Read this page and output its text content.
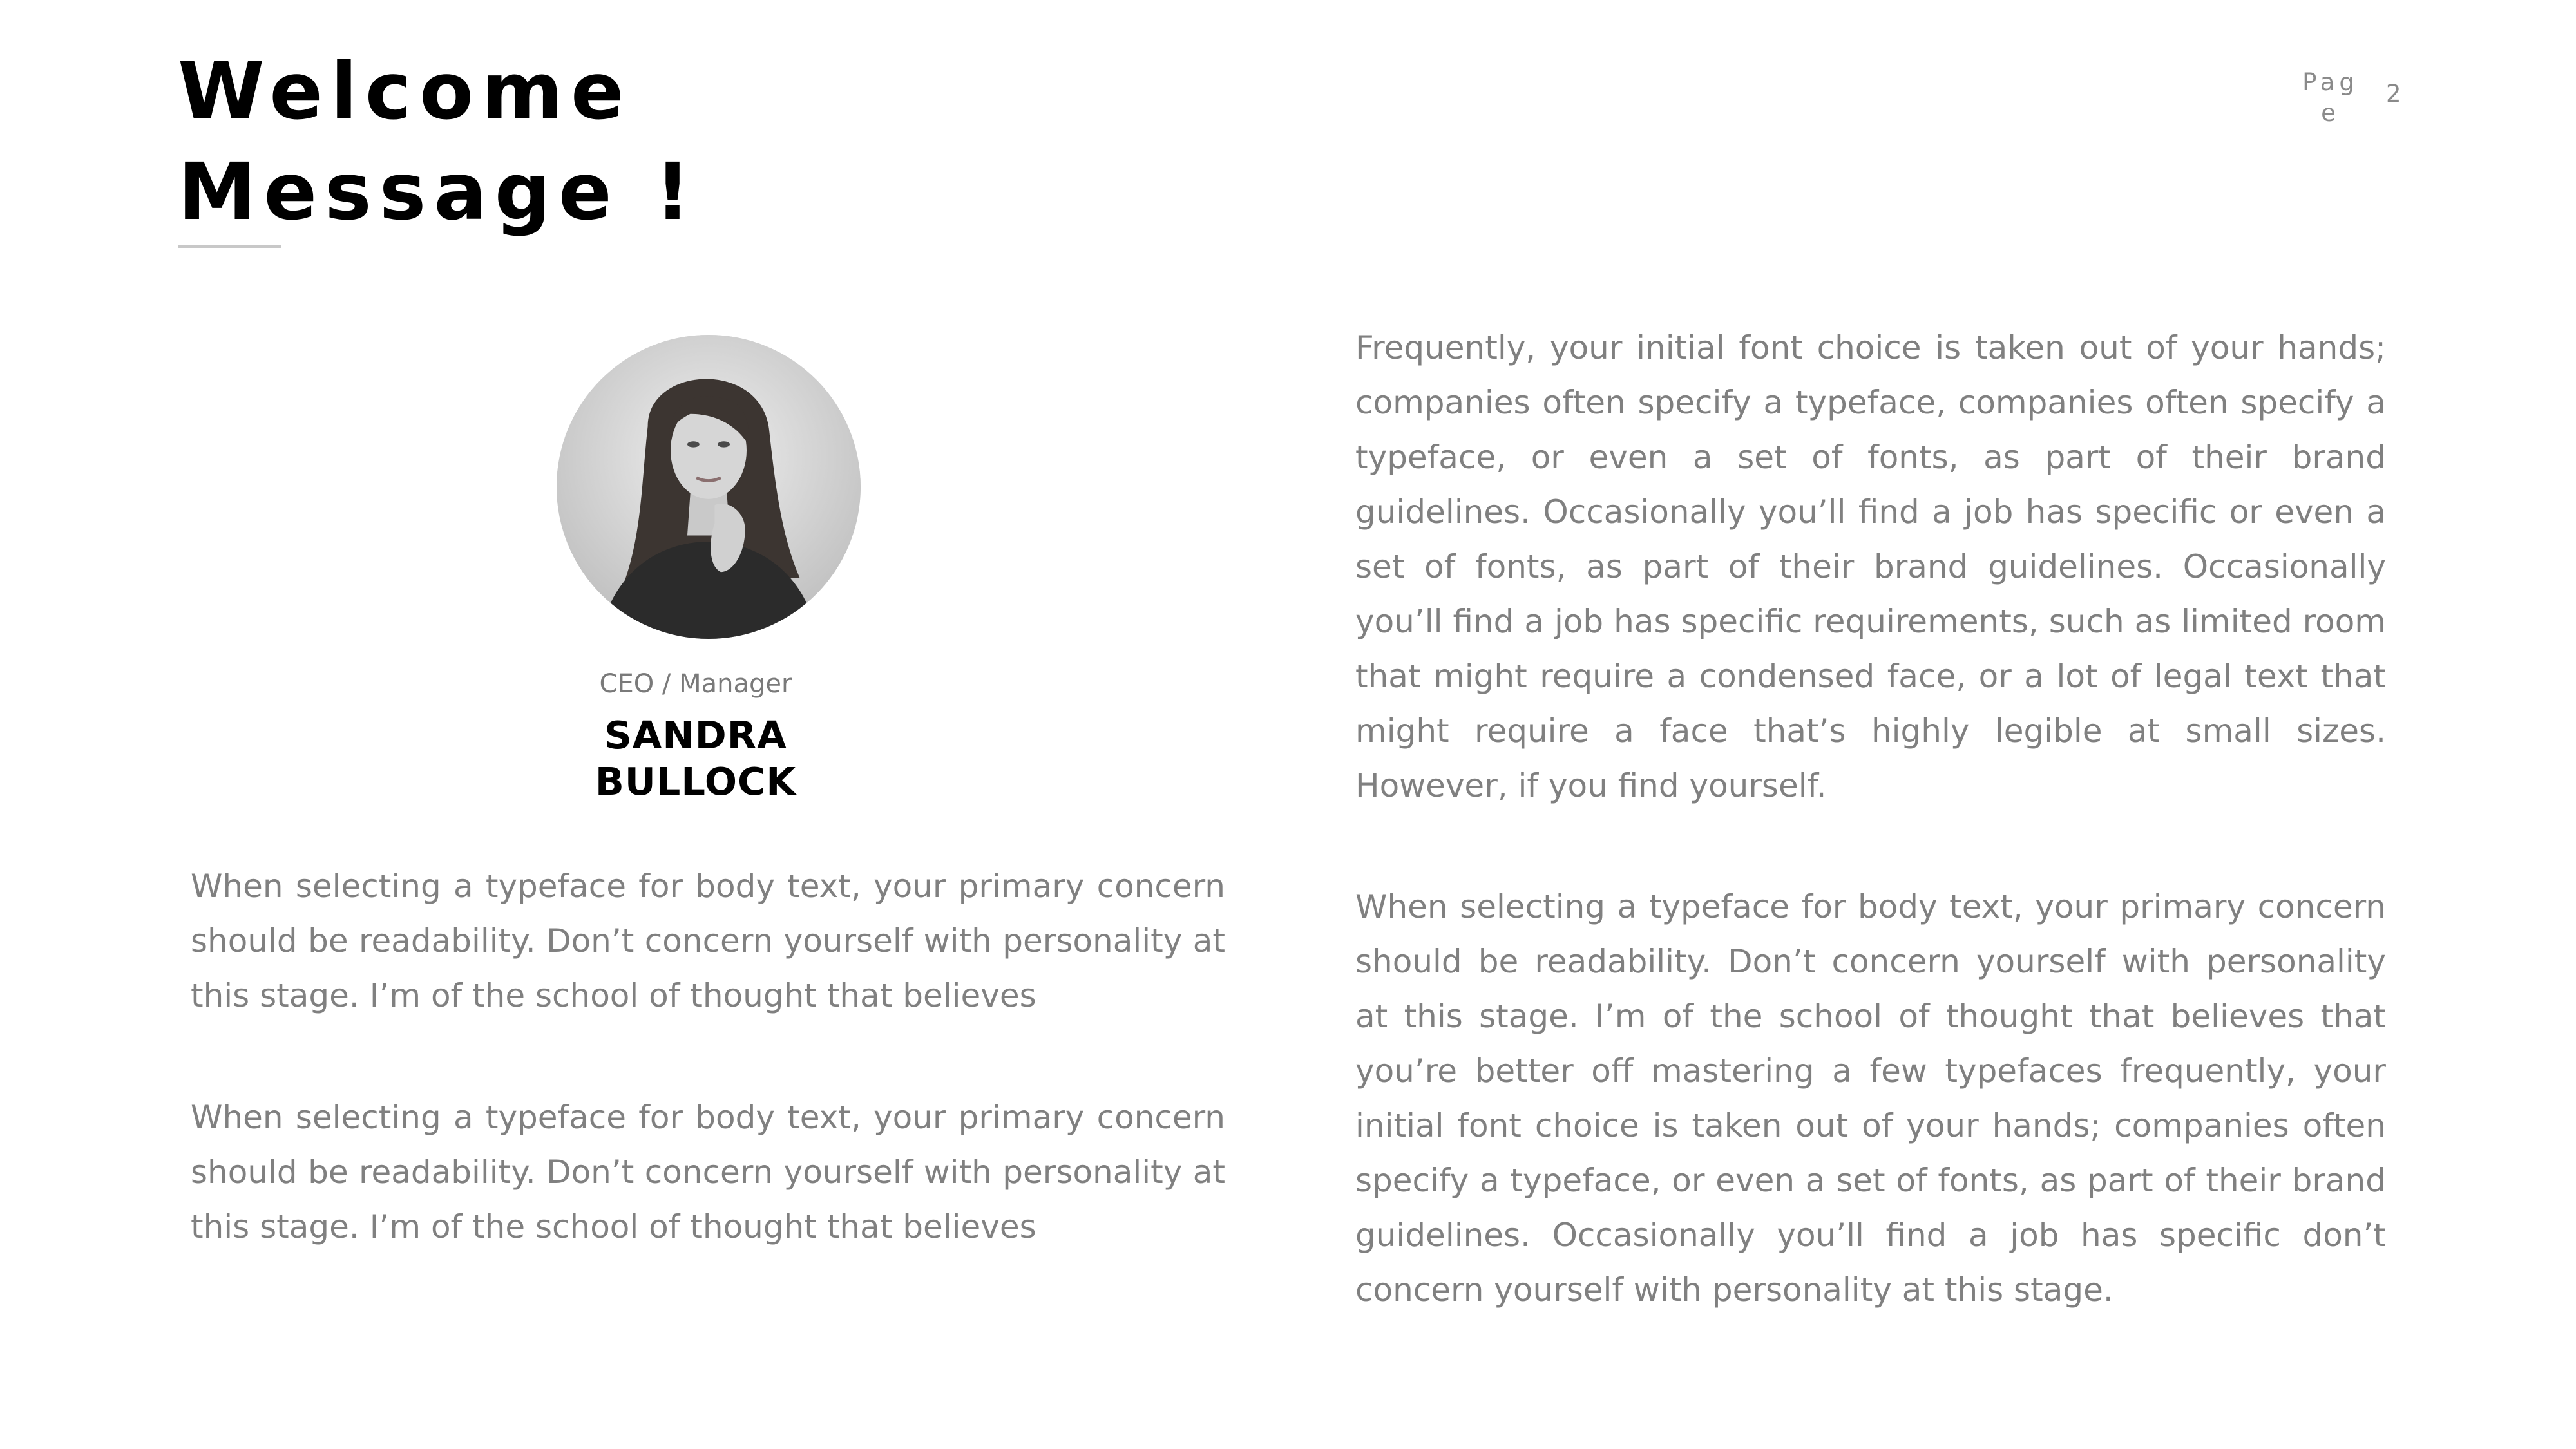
Welcome
Message !
Page
2
CEO / Manager
SANDRA
BULLOCK

When selecting a typeface for body text, your primary concern should be readability. Don’t concern yourself with personality at this stage. I’m of the school of thought that believes

When selecting a typeface for body text, your primary concern should be readability. Don’t concern yourself with personality at this stage. I’m of the school of thought that believes

Frequently, your initial font choice is taken out of your hands; companies often specify a typeface, companies often specify a typeface, or even a set of fonts, as part of their brand guidelines. Occasionally you’ll find a job has specific or even a set of fonts, as part of their brand guidelines. Occasionally you’ll find a job has specific requirements, such as limited room that might require a condensed face, or a lot of legal text that might require a face that’s highly legible at small sizes. However, if you find yourself.

When selecting a typeface for body text, your primary concern should be readability. Don’t concern yourself with personality at this stage. I’m of the school of thought that believes that you’re better off mastering a few typefaces frequently, your initial font choice is taken out of your hands; companies often specify a typeface, or even a set of fonts, as part of their brand guidelines. Occasionally you’ll find a job has specific don’t concern yourself with personality at this stage.
